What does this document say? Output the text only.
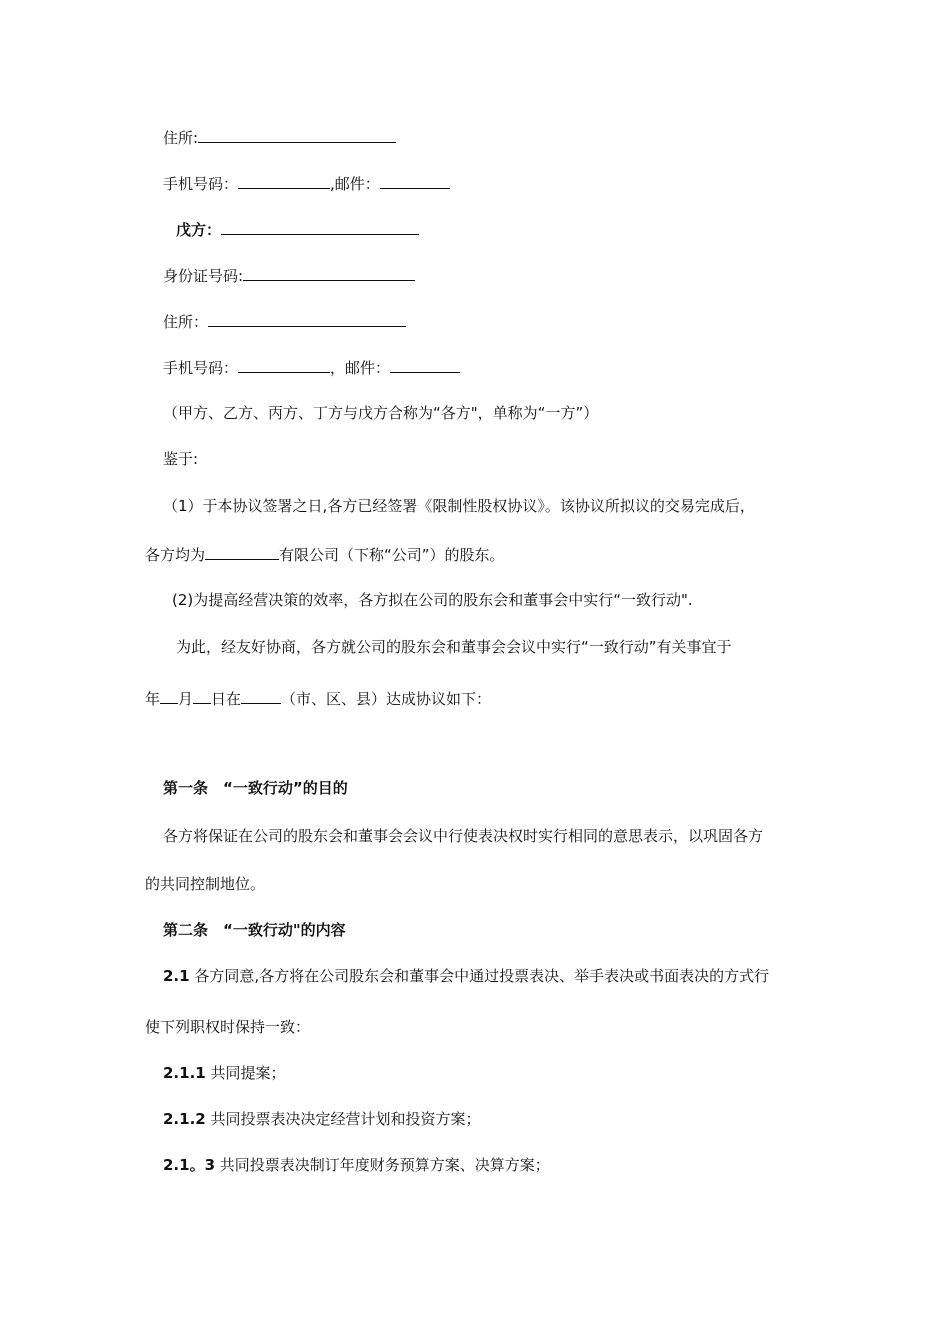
住所:
手机号码：	,邮件：
戊方：
身份证号码:
住所：
手机号码：	，邮件：
（甲方、乙方、丙方、丁方与戊方合称为“各方"，单称为“一方”）
鉴于:
（1）于本协议签署之日,各方已经签署《限制性股权协议》。该协议所拟议的交易完成后，
各方均为	有限公司（下称“公司”）的股东。
(2)为提高经营决策的效率，各方拟在公司的股东会和董事会中实行“一致行动".
为此，经友好协商，各方就公司的股东会和董事会会议中实行“一致行动”有关事宜于
年 月 日在	（市、区、县）达成协议如下：
第一条　“一致行动”的目的
各方将保证在公司的股东会和董事会会议中行使表决权时实行相同的意思表示，以巩固各方
的共同控制地位。
第二条　“一致行动"的内容
2.1 各方同意,各方将在公司股东会和董事会中通过投票表决、举手表决或书面表决的方式行
使下列职权时保持一致：
2.1.1 共同提案；
2.1.2 共同投票表决决定经营计划和投资方案；
2.1。3 共同投票表决制订年度财务预算方案、决算方案；
